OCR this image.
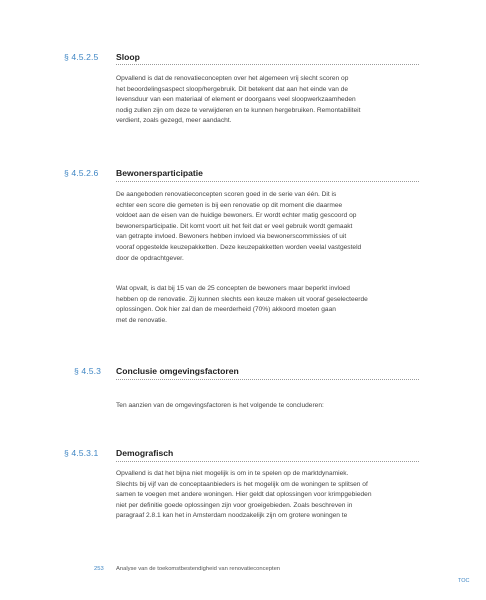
§ 4.5.2.5 Sloop

Opvallend is dat de renovatieconcepten over het algemeen vrij slecht scoren op
het beoordelingsaspect sloop/hergebruik. Dit betekent dat aan het einde van de
levensduur van een materiaal of element er doorgaans veel sloopwerkzaamheden
nodig zullen zijn om deze te verwijderen en te kunnen hergebruiken. Remontabiliteit
verdient, zoals gezegd, meer aandacht.

§ 4.5.2.6 Bewonersparticipatie

De aangeboden renovatieconcepten scoren goed in de serie van één. Dit is
echter een score die gemeten is bij een renovatie op dit moment die daarmee
voldoet aan de eisen van de huidige bewoners. Er wordt echter matig gescoord op
bewonersparticipatie. Dit komt voort uit het feit dat er veel gebruik wordt gemaakt
van getrapte invloed. Bewoners hebben invloed via bewonerscommissies of uit
vooraf opgestelde keuzepakketten. Deze keuzepakketten worden veelal vastgesteld
door de opdrachtgever.

Wat opvalt, is dat bij 15 van de 25 concepten de bewoners maar beperkt invloed
hebben op de renovatie. Zij kunnen slechts een keuze maken uit vooraf geselecteerde
oplossingen. Ook hier zal dan de meerderheid (70%) akkoord moeten gaan
met de renovatie.

§ 4.5.3 Conclusie omgevingsfactoren

Ten aanzien van de omgevingsfactoren is het volgende te concluderen:

§ 4.5.3.1 Demografisch

Opvallend is dat het bijna niet mogelijk is om in te spelen op de marktdynamiek.
Slechts bij vijf van de conceptaanbieders is het mogelijk om de woningen te splitsen of
samen te voegen met andere woningen. Hier geldt dat oplossingen voor krimpgebieden
niet per definitie goede oplossingen zijn voor groeigebieden. Zoals beschreven in
paragraaf 2.8.1 kan het in Amsterdam noodzakelijk zijn om grotere woningen te

253 Analyse van de toekomstbestendigheid van renovatieconcepten
TOC
